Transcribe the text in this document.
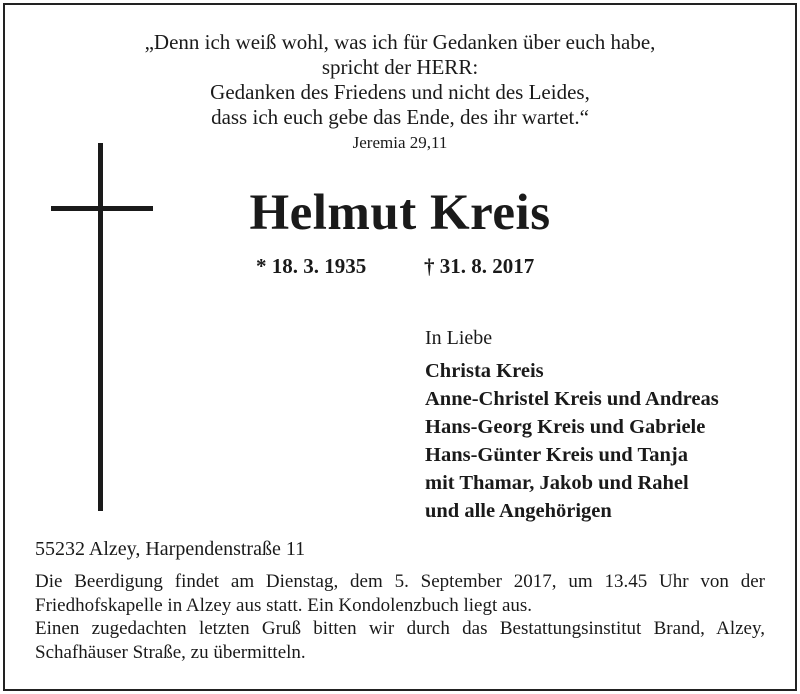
„Denn ich weiß wohl, was ich für Gedanken über euch habe,
spricht der HERR:
Gedanken des Friedens und nicht des Leides,
dass ich euch gebe das Ende, des ihr wartet.“
Jeremia 29,11
Helmut Kreis
* 18. 3. 1935	† 31. 8. 2017
In Liebe
Christa Kreis
Anne-Christel Kreis und Andreas
Hans-Georg Kreis und Gabriele
Hans-Günter Kreis und Tanja
mit Thamar, Jakob und Rahel
und alle Angehörigen
55232 Alzey, Harpendenstraße 11

Die Beerdigung findet am Dienstag, dem 5. September 2017, um 13.45 Uhr von der Friedhofskapelle in Alzey aus statt. Ein Kondolenzbuch liegt aus.

Einen zugedachten letzten Gruß bitten wir durch das Bestattungsinstitut Brand, Alzey, Schafhäuser Straße, zu übermitteln.
